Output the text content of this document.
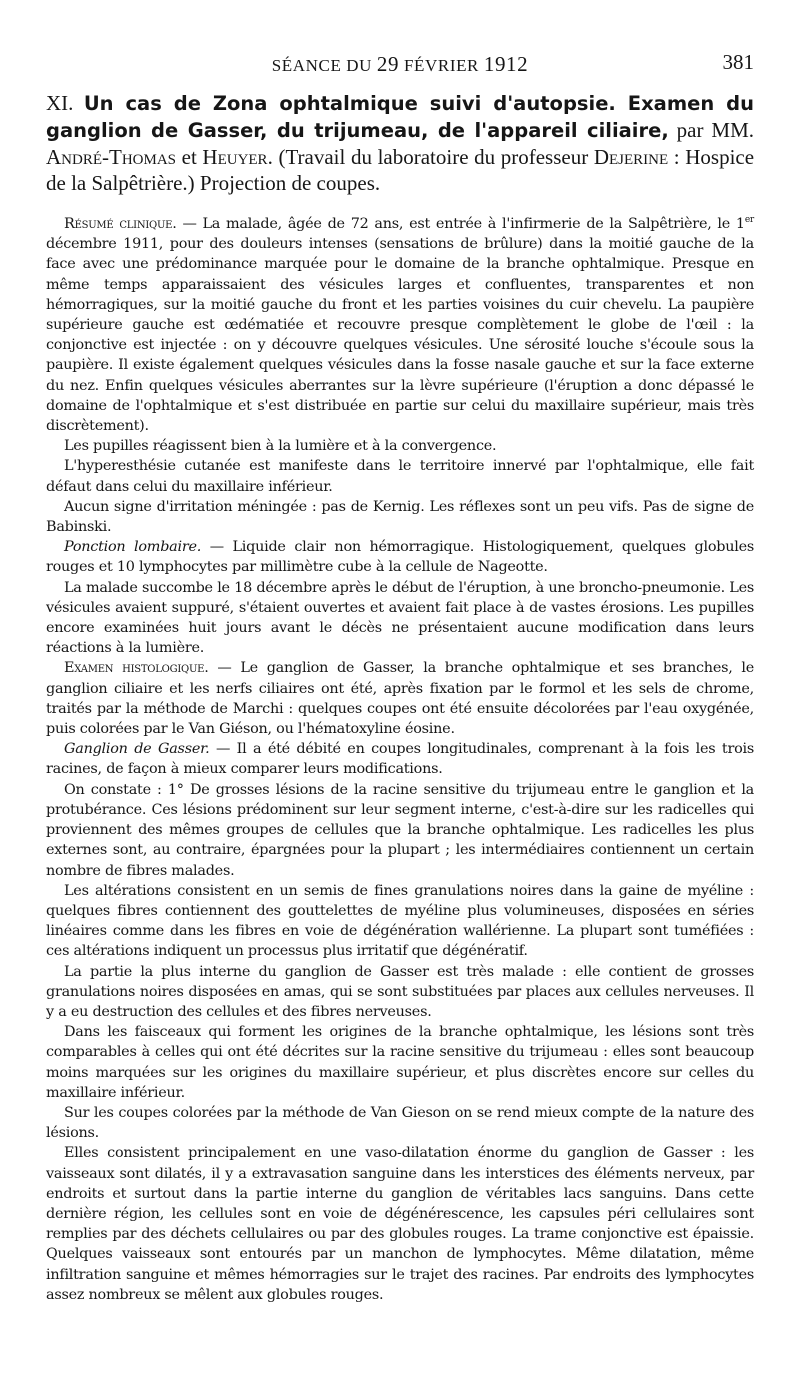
SÉANCE DU 29 FÉVRIER 1912	381
XI. Un cas de Zona ophtalmique suivi d'autopsie. Examen du ganglion de Gasser, du trijumeau, de l'appareil ciliaire, par MM. André-Thomas et Heuyer. (Travail du laboratoire du professeur Dejerine : Hospice de la Salpêtrière.) Projection de coupes.

Résumé clinique. — La malade, âgée de 72 ans, est entrée à l'infirmerie de la Salpêtrière, le 1er décembre 1911, pour des douleurs intenses (sensations de brûlure) dans la moitié gauche de la face avec une prédominance marquée pour le domaine de la branche ophtalmique. Presque en même temps apparaissaient des vésicules larges et confluentes, transparentes et non hémorragiques, sur la moitié gauche du front et les parties voisines du cuir chevelu. La paupière supérieure gauche est œdématiée et recouvre presque complètement le globe de l'œil : la conjonctive est injectée : on y découvre quelques vésicules. Une sérosité louche s'écoule sous la paupière. Il existe également quelques vésicules dans la fosse nasale gauche et sur la face externe du nez. Enfin quelques vésicules aberrantes sur la lèvre supérieure (l'éruption a donc dépassé le domaine de l'ophtalmique et s'est distribuée en partie sur celui du maxillaire supérieur, mais très discrètement).

Les pupilles réagissent bien à la lumière et à la convergence.

L'hyperesthésie cutanée est manifeste dans le territoire innervé par l'ophtalmique, elle fait défaut dans celui du maxillaire inférieur.

Aucun signe d'irritation méningée : pas de Kernig. Les réflexes sont un peu vifs. Pas de signe de Babinski.

Ponction lombaire. — Liquide clair non hémorragique. Histologiquement, quelques globules rouges et 10 lymphocytes par millimètre cube à la cellule de Nageotte.

La malade succombe le 18 décembre après le début de l'éruption, à une broncho-pneumonie. Les vésicules avaient suppuré, s'étaient ouvertes et avaient fait place à de vastes érosions. Les pupilles encore examinées huit jours avant le décès ne présentaient aucune modification dans leurs réactions à la lumière.

Examen histologique. — Le ganglion de Gasser, la branche ophtalmique et ses branches, le ganglion ciliaire et les nerfs ciliaires ont été, après fixation par le formol et les sels de chrome, traités par la méthode de Marchi : quelques coupes ont été ensuite décolorées par l'eau oxygénée, puis colorées par le Van Giéson, ou l'hématoxyline éosine.

Ganglion de Gasser. — Il a été débité en coupes longitudinales, comprenant à la fois les trois racines, de façon à mieux comparer leurs modifications.

On constate : 1° De grosses lésions de la racine sensitive du trijumeau entre le ganglion et la protubérance. Ces lésions prédominent sur leur segment interne, c'est-à-dire sur les radicelles qui proviennent des mêmes groupes de cellules que la branche ophtalmique. Les radicelles les plus externes sont, au contraire, épargnées pour la plupart ; les intermédiaires contiennent un certain nombre de fibres malades.

Les altérations consistent en un semis de fines granulations noires dans la gaine de myéline : quelques fibres contiennent des gouttelettes de myéline plus volumineuses, disposées en séries linéaires comme dans les fibres en voie de dégénération wallérienne. La plupart sont tuméfiées : ces altérations indiquent un processus plus irritatif que dégénératif.

La partie la plus interne du ganglion de Gasser est très malade : elle contient de grosses granulations noires disposées en amas, qui se sont substituées par places aux cellules nerveuses. Il y a eu destruction des cellules et des fibres nerveuses.

Dans les faisceaux qui forment les origines de la branche ophtalmique, les lésions sont très comparables à celles qui ont été décrites sur la racine sensitive du trijumeau : elles sont beaucoup moins marquées sur les origines du maxillaire supérieur, et plus discrètes encore sur celles du maxillaire inférieur.

Sur les coupes colorées par la méthode de Van Gieson on se rend mieux compte de la nature des lésions.

Elles consistent principalement en une vaso-dilatation énorme du ganglion de Gasser : les vaisseaux sont dilatés, il y a extravasation sanguine dans les interstices des éléments nerveux, par endroits et surtout dans la partie interne du ganglion de véritables lacs sanguins. Dans cette dernière région, les cellules sont en voie de dégénérescence, les capsules péri cellulaires sont remplies par des déchets cellulaires ou par des globules rouges. La trame conjonctive est épaissie. Quelques vaisseaux sont entourés par un manchon de lymphocytes. Même dilatation, même infiltration sanguine et mêmes hémorragies sur le trajet des racines. Par endroits des lymphocytes assez nombreux se mêlent aux globules rouges.
